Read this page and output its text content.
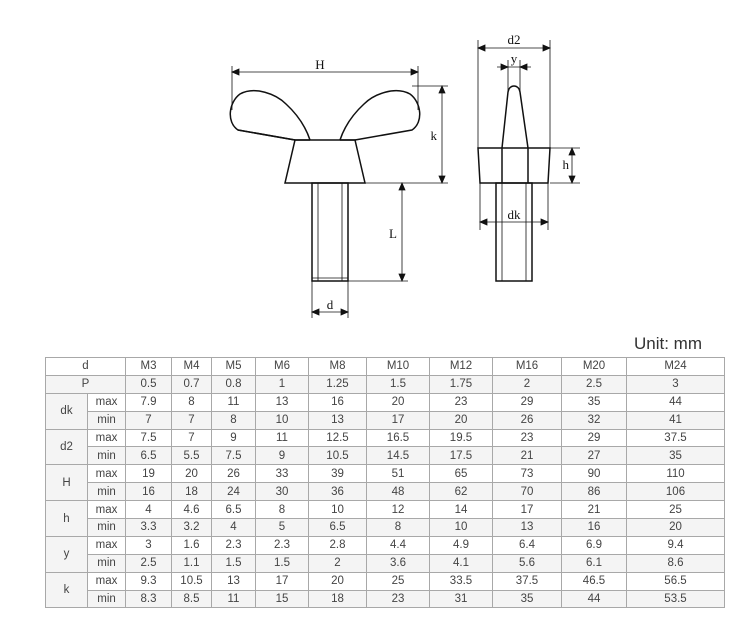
H
k
L
d
d2
y
h
dk
Unit: mm
d		M3	M4	M5	M6	M8	M10	M12	M16	M20	M24
P		0.5	0.7	0.8	1	1.25	1.5	1.75	2	2.5	3
dk	max	7.9	8	11	13	16	20	23	29	35	44
	min	7	7	8	10	13	17	20	26	32	41
d2	max	7.5	7	9	11	12.5	16.5	19.5	23	29	37.5
	min	6.5	5.5	7.5	9	10.5	14.5	17.5	21	27	35
H	max	19	20	26	33	39	51	65	73	90	110
	min	16	18	24	30	36	48	62	70	86	106
h	max	4	4.6	6.5	8	10	12	14	17	21	25
	min	3.3	3.2	4	5	6.5	8	10	13	16	20
y	max	3	1.6	2.3	2.3	2.8	4.4	4.9	6.4	6.9	9.4
	min	2.5	1.1	1.5	1.5	2	3.6	4.1	5.6	6.1	8.6
k	max	9.3	10.5	13	17	20	25	33.5	37.5	46.5	56.5
	min	8.3	8.5	11	15	18	23	31	35	44	53.5
